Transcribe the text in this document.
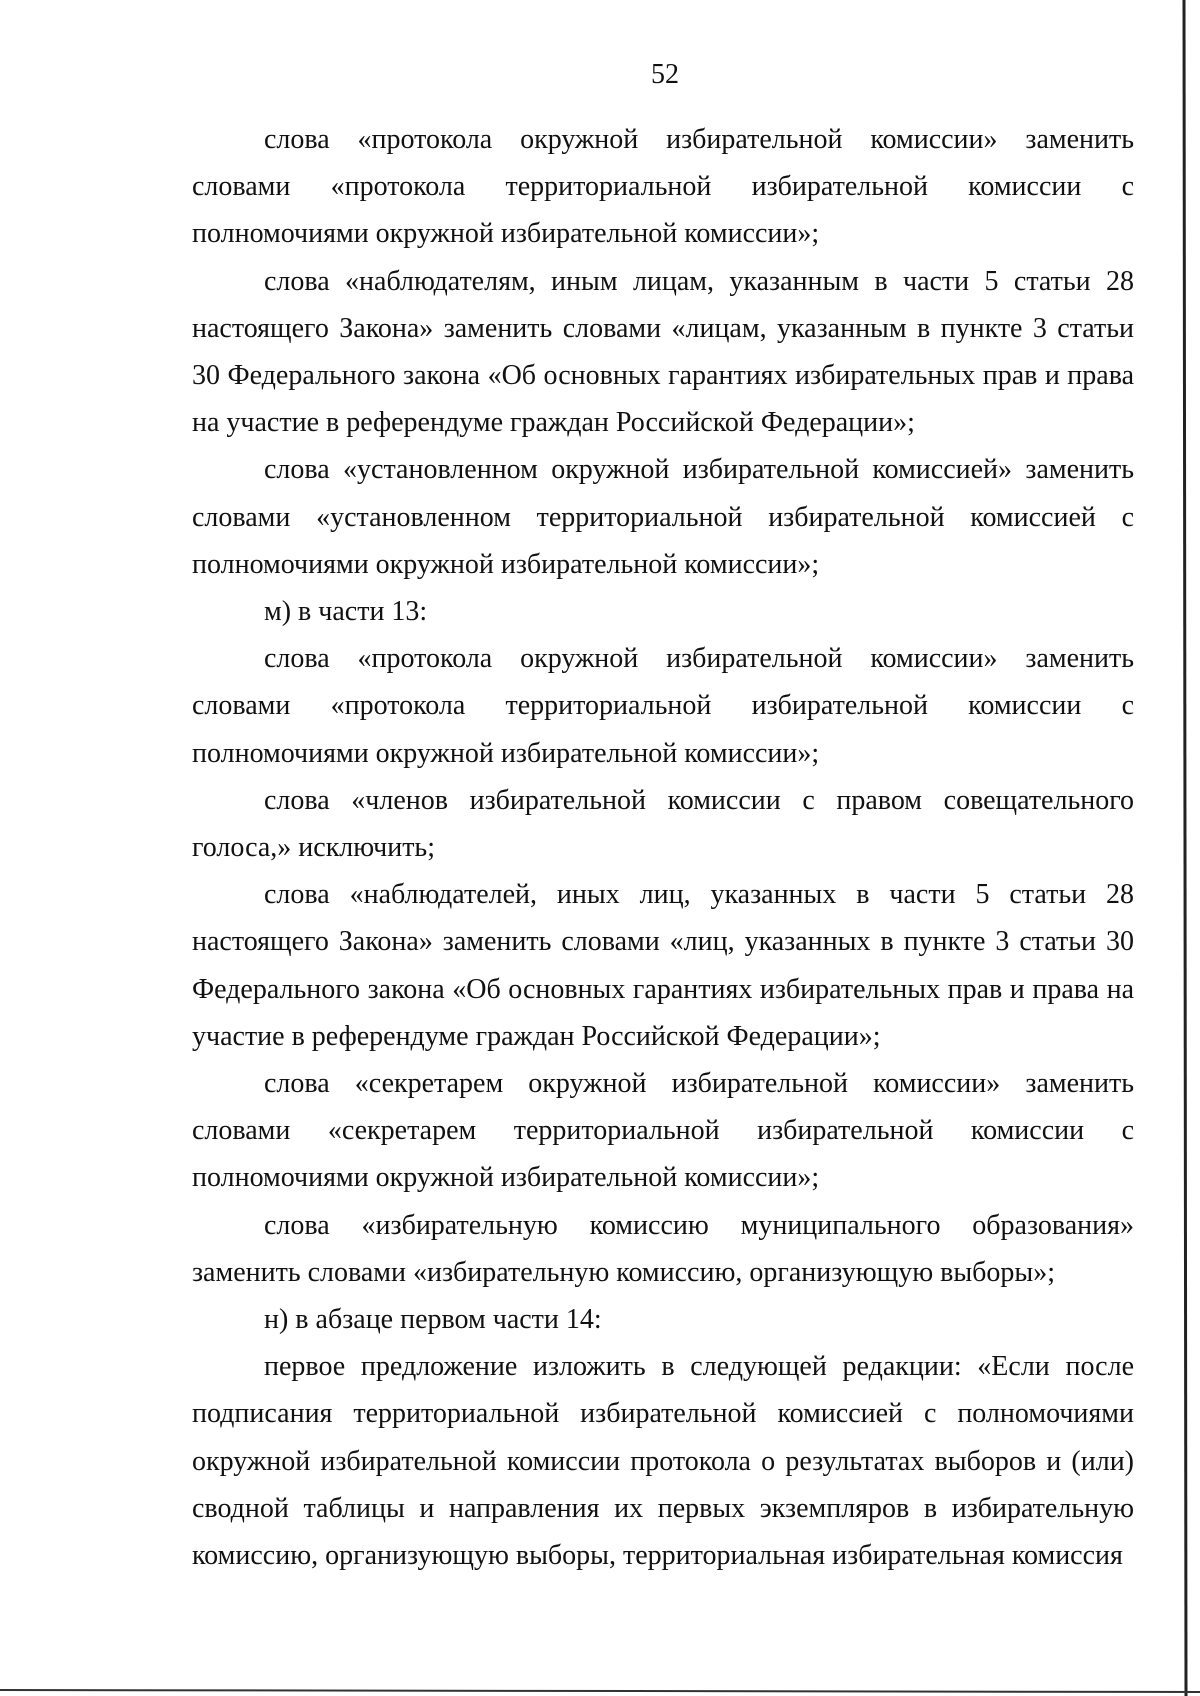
52

слова «протокола окружной избирательной комиссии» заменить словами «протокола территориальной избирательной комиссии с полномочиями окружной избирательной комиссии»;

слова «наблюдателям, иным лицам, указанным в части 5 статьи 28 настоящего Закона» заменить словами «лицам, указанным в пункте 3 статьи 30 Федерального закона «Об основных гарантиях избирательных прав и права на участие в референдуме граждан Российской Федерации»;

слова «установленном окружной избирательной комиссией» заменить словами «установленном территориальной избирательной комиссией с полномочиями окружной избирательной комиссии»;

м) в части 13:

слова «протокола окружной избирательной комиссии» заменить словами «протокола территориальной избирательной комиссии с полномочиями окружной избирательной комиссии»;

слова «членов избирательной комиссии с правом совещательного голоса,» исключить;

слова «наблюдателей, иных лиц, указанных в части 5 статьи 28 настоящего Закона» заменить словами «лиц, указанных в пункте 3 статьи 30 Федерального закона «Об основных гарантиях избирательных прав и права на участие в референдуме граждан Российской Федерации»;

слова «секретарем окружной избирательной комиссии» заменить словами «секретарем территориальной избирательной комиссии с полномочиями окружной избирательной комиссии»;

слова «избирательную комиссию муниципального образования» заменить словами «избирательную комиссию, организующую выборы»;

н) в абзаце первом части 14:

первое предложение изложить в следующей редакции: «Если после подписания территориальной избирательной комиссией с полномочиями окружной избирательной комиссии протокола о результатах выборов и (или) сводной таблицы и направления их первых экземпляров в избирательную комиссию, организующую выборы, территориальная избирательная комиссия
